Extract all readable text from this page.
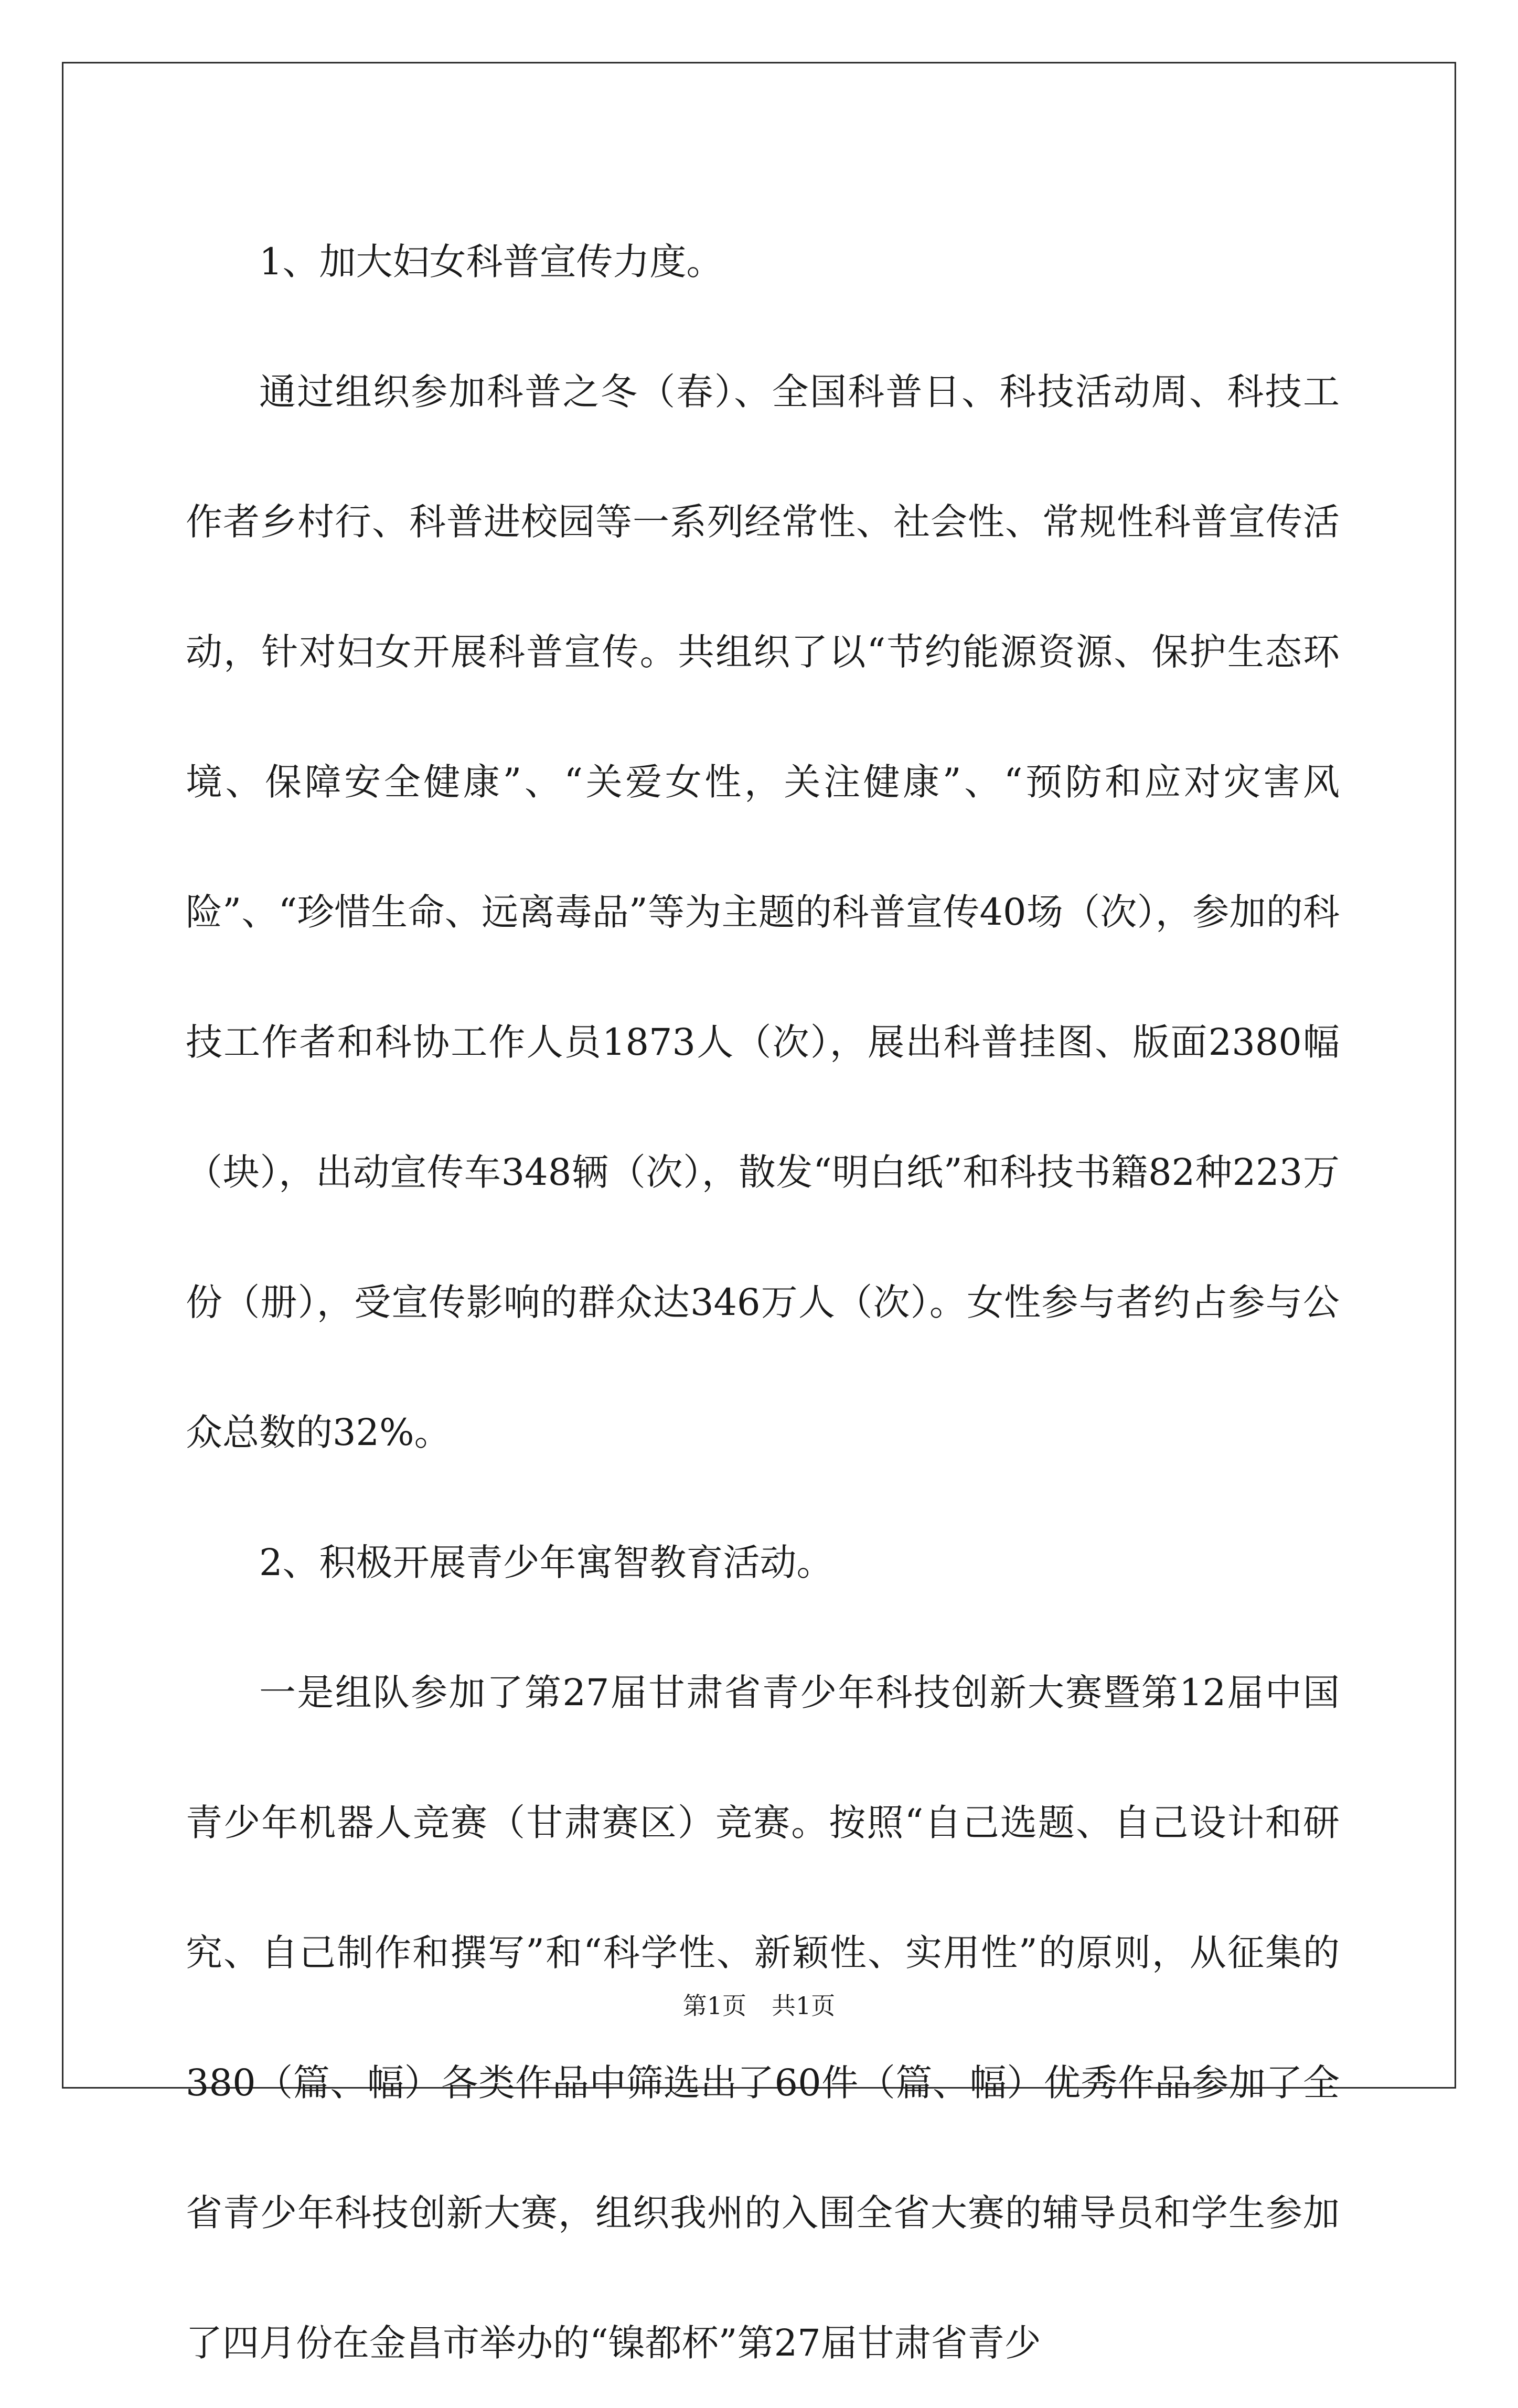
1、加大妇女科普宣传力度。

通过组织参加科普之冬（春）、全国科普日、科技活动周、科技工作者乡村行、科普进校园等一系列经常性、社会性、常规性科普宣传活动，针对妇女开展科普宣传。共组织了以“节约能源资源、保护生态环境、保障安全健康”、“关爱女性，关注健康”、“预防和应对灾害风险”、“珍惜生命、远离毒品”等为主题的科普宣传40场（次），参加的科技工作者和科协工作人员1873人（次），展出科普挂图、版面2380幅（块），出动宣传车348辆（次），散发“明白纸”和科技书籍82种223万份（册），受宣传影响的群众达346万人（次）。女性参与者约占参与公众总数的32%。

2、积极开展青少年寓智教育活动。

一是组队参加了第27届甘肃省青少年科技创新大赛暨第12届中国青少年机器人竞赛（甘肃赛区）竞赛。按照“自己选题、自己设计和研究、自己制作和撰写”和“科学性、新颖性、实用性”的原则，从征集的380（篇、幅）各类作品中筛选出了60件（篇、幅）优秀作品参加了全省青少年科技创新大赛，组织我州的入围全省大赛的辅导员和学生参加了四月份在金昌市举办的“镍都杯”第27届甘肃省青少

第1页 共1页
